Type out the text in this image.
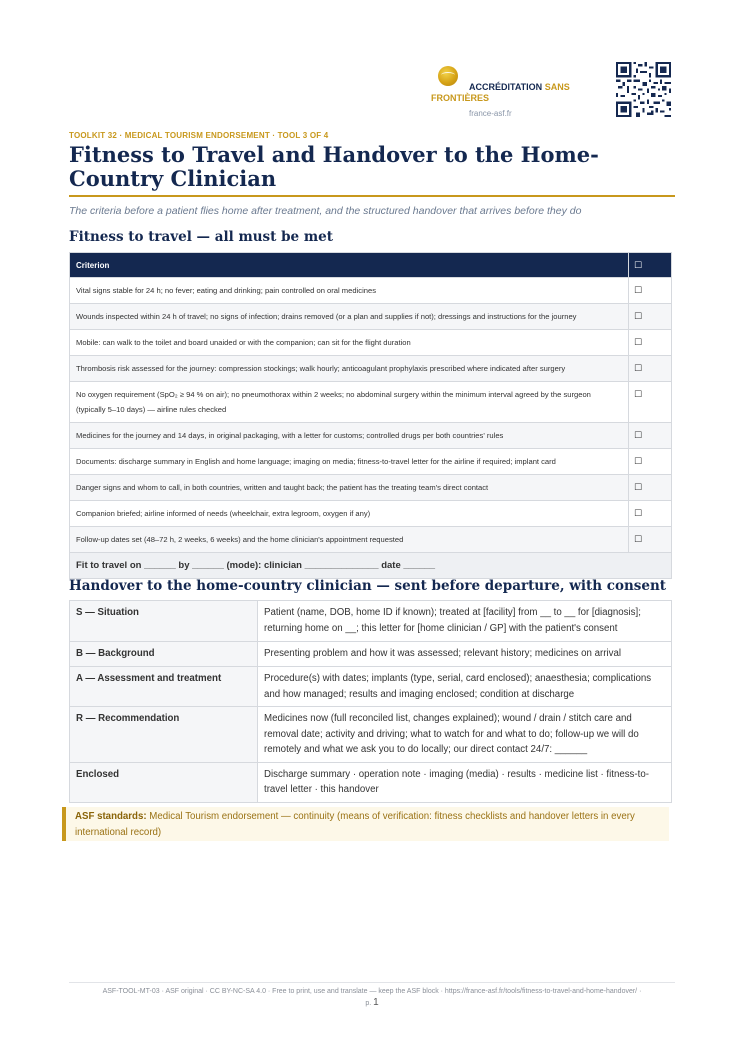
ACCRÉDITATION SANS FRONTIÈRES
france-asf.fr
TOOLKIT 32 · MEDICAL TOURISM ENDORSEMENT · TOOL 3 OF 4
Fitness to Travel and Handover to the Home-Country Clinician
The criteria before a patient flies home after treatment, and the structured handover that arrives before they do
Fitness to travel — all must be met
Criterion	☐
Vital signs stable for 24 h; no fever; eating and drinking; pain controlled on oral medicines	☐
Wounds inspected within 24 h of travel; no signs of infection; drains removed (or a plan and supplies if not); dressings and instructions for the journey	☐
Mobile: can walk to the toilet and board unaided or with the companion; can sit for the flight duration	☐
Thrombosis risk assessed for the journey: compression stockings; walk hourly; anticoagulant prophylaxis prescribed where indicated after surgery	☐
No oxygen requirement (SpO₂ ≥ 94 % on air); no pneumothorax within 2 weeks; no abdominal surgery within the minimum interval agreed by the surgeon (typically 5–10 days) — airline rules checked	☐
Medicines for the journey and 14 days, in original packaging, with a letter for customs; controlled drugs per both countries' rules	☐
Documents: discharge summary in English and home language; imaging on media; fitness-to-travel letter for the airline if required; implant card	☐
Danger signs and whom to call, in both countries, written and taught back; the patient has the treating team's direct contact	☐
Companion briefed; airline informed of needs (wheelchair, extra legroom, oxygen if any)	☐
Follow-up dates set (48–72 h, 2 weeks, 6 weeks) and the home clinician's appointment requested	☐
Fit to travel on ______ by ______ (mode): clinician ______________ date ______	
Handover to the home-country clinician — sent before departure, with consent
S — Situation	Patient (name, DOB, home ID if known); treated at [facility] from __ to __ for [diagnosis]; returning home on __; this letter for [home clinician / GP] with the patient's consent
B — Background	Presenting problem and how it was assessed; relevant history; medicines on arrival
A — Assessment and treatment	Procedure(s) with dates; implants (type, serial, card enclosed); anaesthesia; complications and how managed; results and imaging enclosed; condition at discharge
R — Recommendation	Medicines now (full reconciled list, changes explained); wound / drain / stitch care and removal date; activity and driving; what to watch for and what to do; follow-up we will do remotely and what we ask you to do locally; our direct contact 24/7: ______
Enclosed	Discharge summary · operation note · imaging (media) · results · medicine list · fitness-to-travel letter · this handover
ASF standards: Medical Tourism endorsement — continuity (means of verification: fitness checklists and handover letters in every international record)
ASF-TOOL-MT-03 · ASF original · CC BY-NC-SA 4.0 · Free to print, use and translate — keep the ASF block · https://france-asf.fr/tools/fitness-to-travel-and-home-handover/ ·
p. 1
